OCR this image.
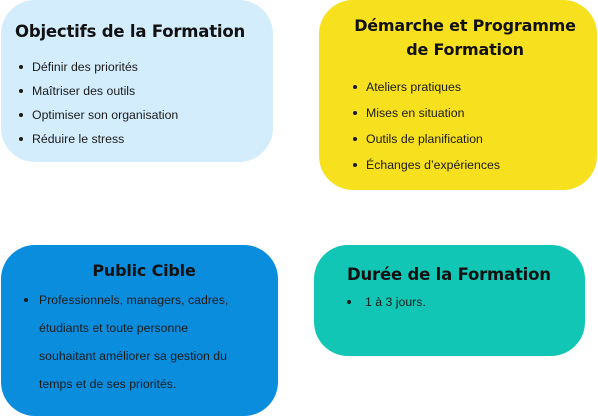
Objectifs de la Formation
Définir des priorités
Maîtriser des outils
Optimiser son organisation
Réduire le stress
Démarche et Programme
de Formation
Ateliers pratiques
Mises en situation
Outils de planification
Échanges d’expériences
Public Cible
Professionnels, managers, cadres,
étudiants et toute personne
souhaitant améliorer sa gestion du
temps et de ses priorités.
Durée de la Formation
1 à 3 jours.
